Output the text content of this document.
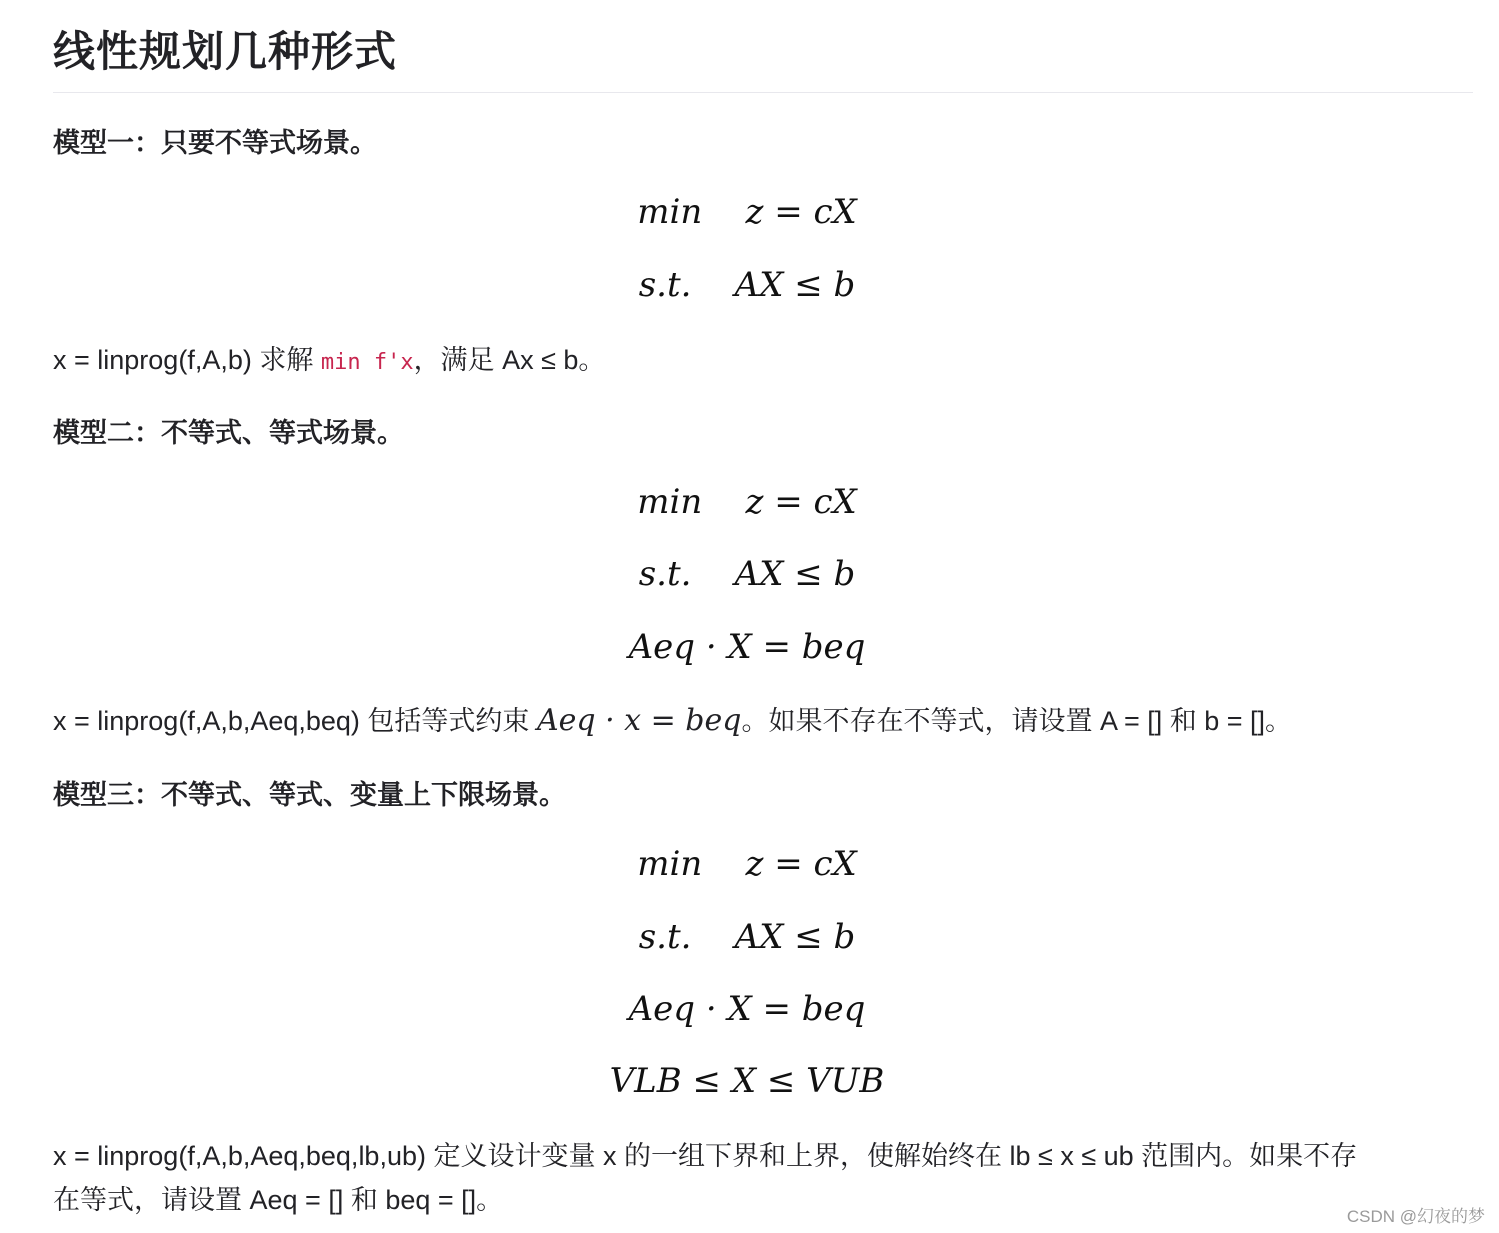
线性规划几种形式

模型一：只要不等式场景。

x = linprog(f,A,b) 求解 min f'x，满足 Ax ≤ b。

模型二：不等式、等式场景。

x = linprog(f,A,b,Aeq,beq) 包括等式约束 Aeq · x = beq。如果不存在不等式，请设置 A = [] 和 b = []。

模型三：不等式、等式、变量上下限场景。

x = linprog(f,A,b,Aeq,beq,lb,ub) 定义设计变量 x 的一组下界和上界，使解始终在 lb ≤ x ≤ ub 范围内。如果不存

在等式，请设置 Aeq = [] 和 beq = []。

min    z = cX
s.t.    AX ≤ b
min    z = cX
s.t.    AX ≤ b
Aeq · X = beq
min    z = cX
s.t.    AX ≤ b
Aeq · X = beq
VLB ≤ X ≤ VUB
CSDN @幻夜的梦
